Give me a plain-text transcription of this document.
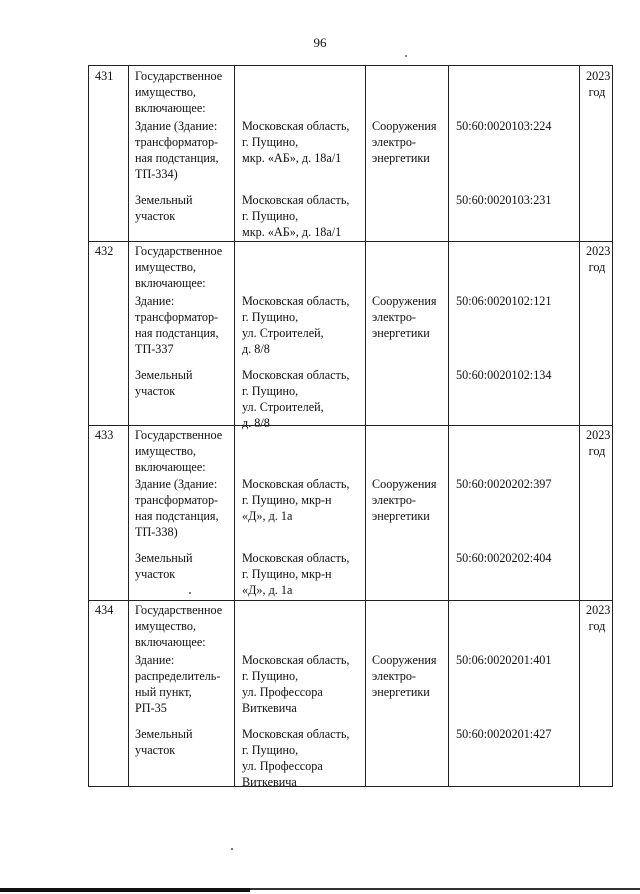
96
431 Государственное
имущество,
включающее:
2023
год
Здание (Здание:
трансформатор-
ная подстанция,
ТП-334)
Московская область,
г. Пущино,
мкр. «АБ», д. 18а/1
Сооружения
электро-
энергетики
50:60:0020103:224
Земельный
участок
Московская область,
г. Пущино,
мкр. «АБ», д. 18а/1
50:60:0020103:231
432 Государственное
имущество,
включающее:
2023
год
Здание:
трансформатор-
ная подстанция,
ТП-337
Московская область,
г. Пущино,
ул. Строителей,
д. 8/8
Сооружения
электро-
энергетики
50:06:0020102:121
Земельный
участок
Московская область,
г. Пущино,
ул. Строителей,
д. 8/8
50:60:0020102:134
433 Государственное
имущество,
включающее:
2023
год
Здание (Здание:
трансформатор-
ная подстанция,
ТП-338)
Московская область,
г. Пущино, мкр-н
«Д», д. 1а
Сооружения
электро-
энергетики
50:60:0020202:397
Земельный
участок
Московская область,
г. Пущино, мкр-н
«Д», д. 1а
50:60:0020202:404
434 Государственное
имущество,
включающее:
2023
год
Здание:
распределитель-
ный пункт,
РП-35
Московская область,
г. Пущино,
ул. Профессора
Виткевича
Сооружения
электро-
энергетики
50:06:0020201:401
Земельный
участок
Московская область,
г. Пущино,
ул. Профессора
Виткевича
50:60:0020201:427
